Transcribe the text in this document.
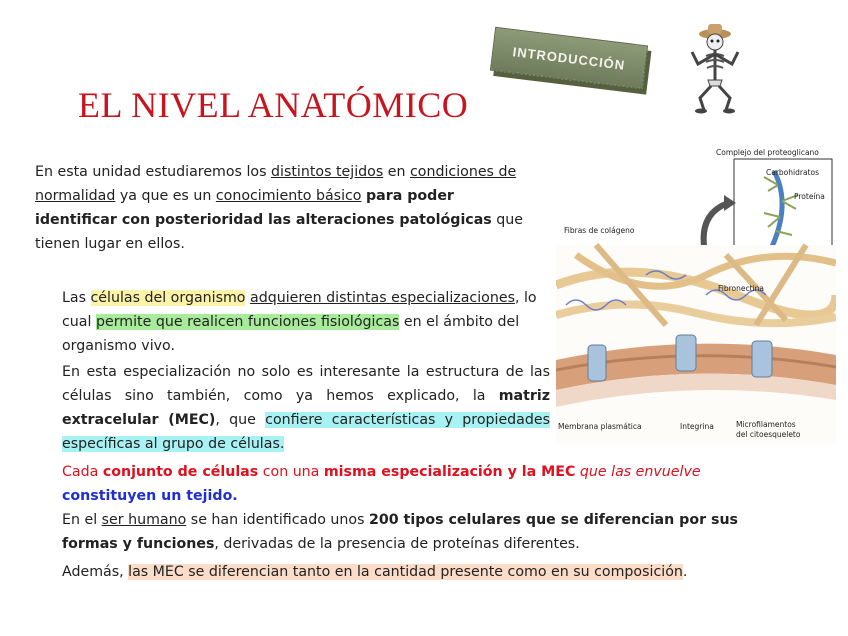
EL NIVEL ANATÓMICO
INTRODUCCIÓN

En esta unidad estudiaremos los distintos tejidos en condiciones de normalidad ya que es un conocimiento básico para poder identificar con posterioridad las alteraciones patológicas que tienen lugar en ellos.

Las células del organismo adquieren distintas especializaciones, lo cual permite que realicen funciones fisiológicas en el ámbito del organismo vivo.

En esta especialización no solo es interesante la estructura de las células sino también, como ya hemos explicado, la matriz extracelular (MEC), que confiere características y propiedades específicas al grupo de células.

Cada conjunto de células con una misma especialización y la MEC que las envuelve
constituyen un tejido.

En el ser humano se han identificado unos 200 tipos celulares que se diferencian por sus formas y funciones, derivadas de la presencia de proteínas diferentes.

Además, las MEC se diferencian tanto en la cantidad presente como en su composición.

Complejo del proteoglicano
Carbohidratos
Proteína
Fibras de colágeno
Fibronectina
Membrana plasmática	Integrina	Microfilamentos
del citoesqueleto
